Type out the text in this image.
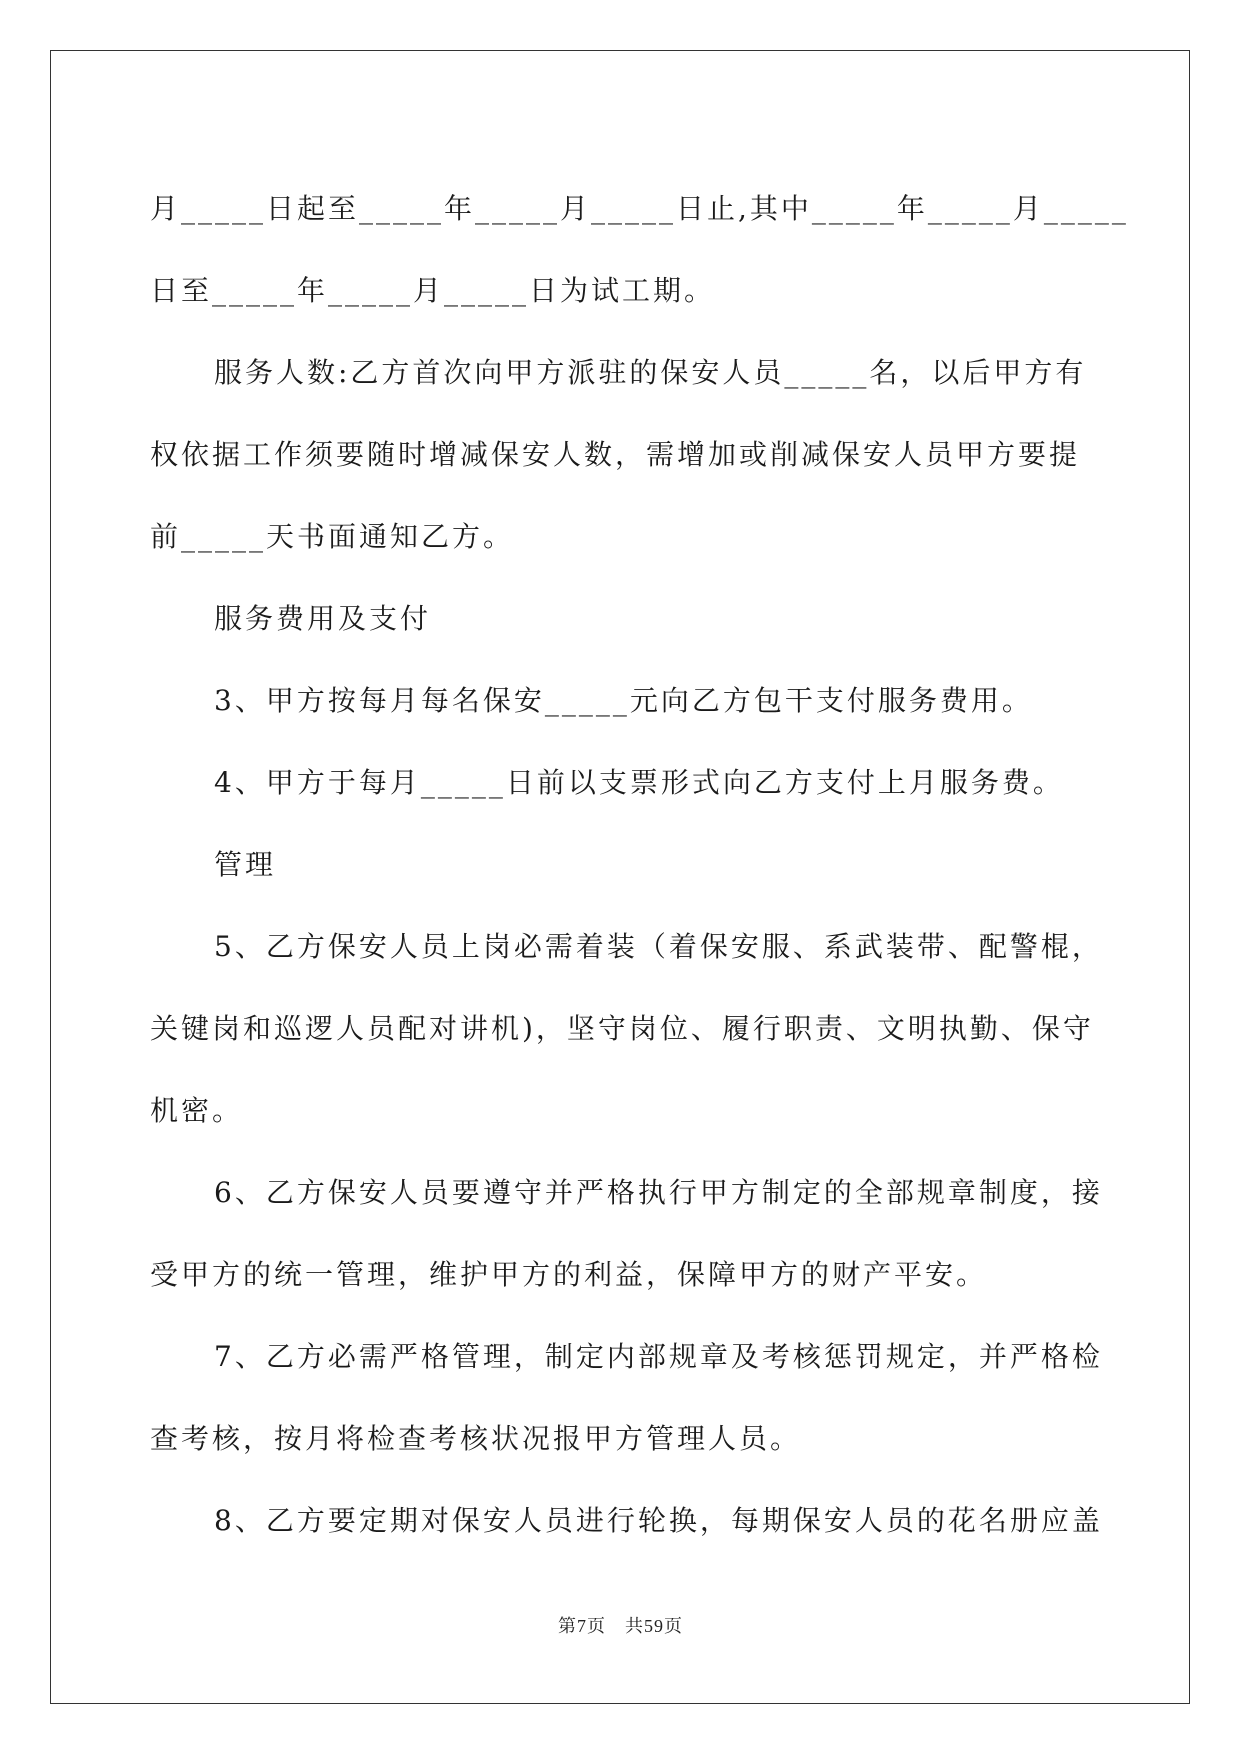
月_____日起至_____年_____月_____日止,其中_____年_____月_____
日至_____年_____月_____日为试工期。
服务人数:乙方首次向甲方派驻的保安人员_____名，以后甲方有
权依据工作须要随时增减保安人数，需增加或削减保安人员甲方要提
前_____天书面通知乙方。
服务费用及支付
3、甲方按每月每名保安_____元向乙方包干支付服务费用。
4、甲方于每月_____日前以支票形式向乙方支付上月服务费。
管理
5、乙方保安人员上岗必需着装（着保安服、系武装带、配警棍，
关键岗和巡逻人员配对讲机)，坚守岗位、履行职责、文明执勤、保守
机密。
6、乙方保安人员要遵守并严格执行甲方制定的全部规章制度，接
受甲方的统一管理，维护甲方的利益，保障甲方的财产平安。
7、乙方必需严格管理，制定内部规章及考核惩罚规定，并严格检
查考核，按月将检查考核状况报甲方管理人员。
8、乙方要定期对保安人员进行轮换，每期保安人员的花名册应盖
第7页　共59页
